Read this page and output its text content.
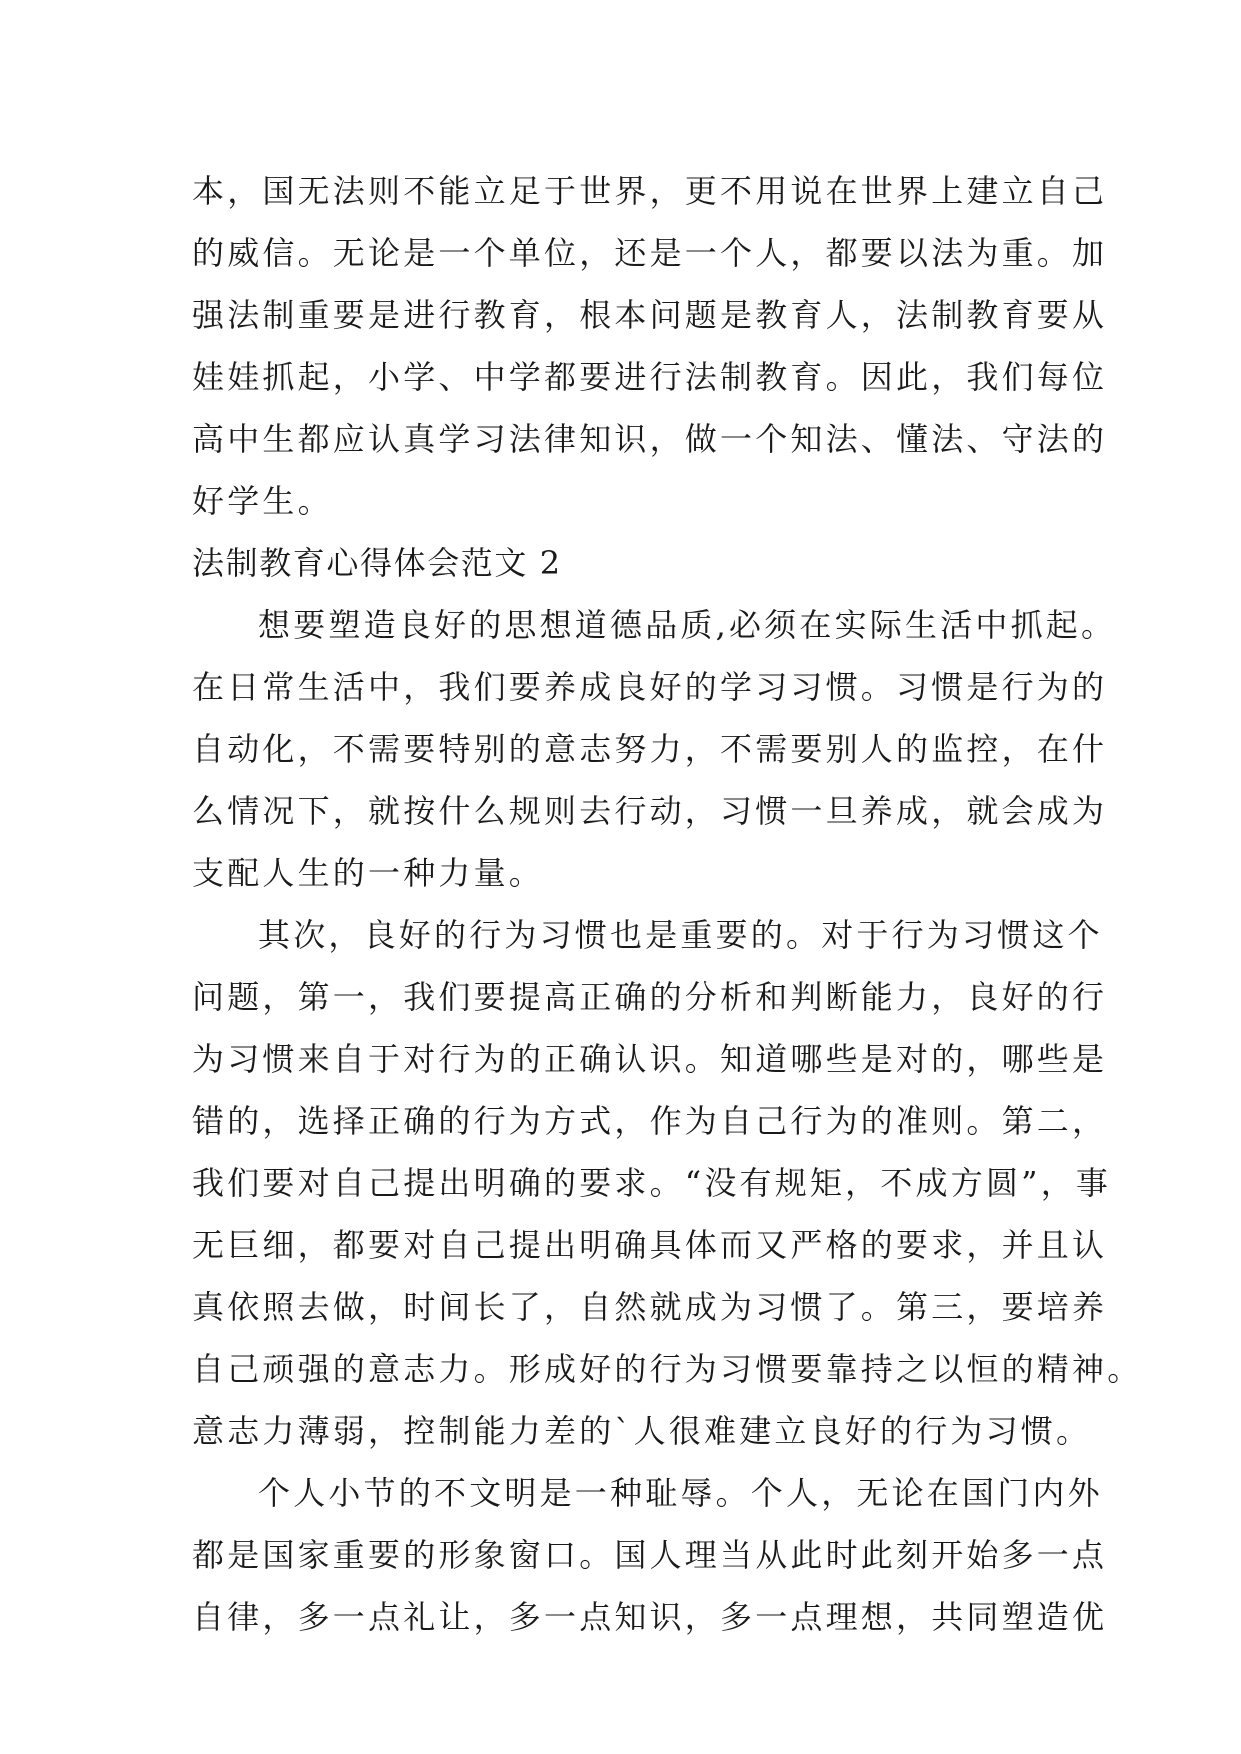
本，国无法则不能立足于世界，更不用说在世界上建立自己
的威信。无论是一个单位，还是一个人，都要以法为重。加
强法制重要是进行教育，根本问题是教育人，法制教育要从
娃娃抓起，小学、中学都要进行法制教育。因此，我们每位
高中生都应认真学习法律知识，做一个知法、懂法、守法的
好学生。
法制教育心得体会范文 2
想要塑造良好的思想道德品质,必须在实际生活中抓起。
在日常生活中，我们要养成良好的学习习惯。习惯是行为的
自动化，不需要特别的意志努力，不需要别人的监控，在什
么情况下，就按什么规则去行动，习惯一旦养成，就会成为
支配人生的一种力量。
其次，良好的行为习惯也是重要的。对于行为习惯这个
问题，第一，我们要提高正确的分析和判断能力，良好的行
为习惯来自于对行为的正确认识。知道哪些是对的，哪些是
错的，选择正确的行为方式，作为自己行为的准则。第二，
我们要对自己提出明确的要求。“没有规矩，不成方圆”，事
无巨细，都要对自己提出明确具体而又严格的要求，并且认
真依照去做，时间长了，自然就成为习惯了。第三，要培养
自己顽强的意志力。形成好的行为习惯要靠持之以恒的精神。
意志力薄弱，控制能力差的`人很难建立良好的行为习惯。
个人小节的不文明是一种耻辱。个人，无论在国门内外
都是国家重要的形象窗口。国人理当从此时此刻开始多一点
自律，多一点礼让，多一点知识，多一点理想，共同塑造优
